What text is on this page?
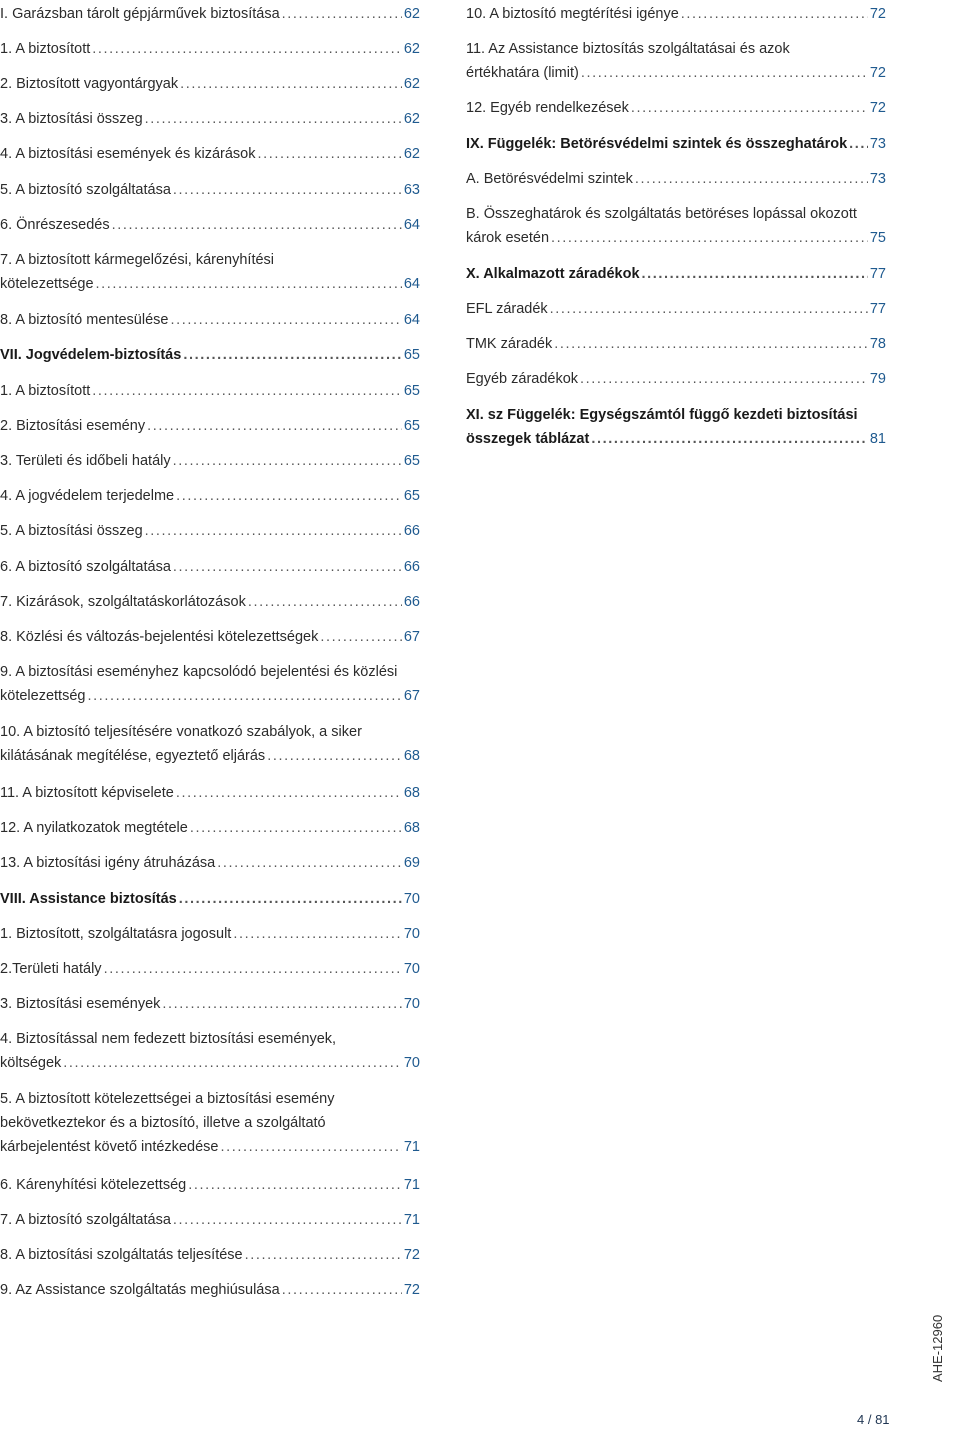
I. Garázsban tárolt gépjárművek biztosítása .....	62
1. A biztosított .....	62
2. Biztosított vagyontárgyak .....	62
3. A biztosítási összeg .....	62
4. A biztosítási események és kizárások .....	62
5. A biztosító szolgáltatása .....	63
6. Önrészesedés .....	64
7. A biztosított kármegelőzési, kárenyhítési
kötelezettsége .....	64
8. A biztosító mentesülése .....	64
VII. Jogvédelem-biztosítás .....	65
1. A biztosított .....	65
2. Biztosítási esemény .....	65
3. Területi és időbeli hatály .....	65
4. A jogvédelem terjedelme .....	65
5. A biztosítási összeg .....	66
6. A biztosító szolgáltatása .....	66
7. Kizárások, szolgáltatáskorlátozások .....	66
8. Közlési és változás-bejelentési kötelezettségek .....	67
9. A biztosítási eseményhez kapcsolódó bejelentési és közlési
kötelezettség .....	67
10. A biztosító teljesítésére vonatkozó szabályok, a siker
kilátásának megítélése, egyeztető eljárás .....	68
11. A biztosított képviselete .....	68
12. A nyilatkozatok megtétele .....	68
13. A biztosítási igény átruházása .....	69
VIII. Assistance biztosítás .....	70
1. Biztosított, szolgáltatásra jogosult .....	70
2.Területi hatály .....	70
3. Biztosítási események .....	70
4. Biztosítással nem fedezett biztosítási események,
költségek .....	70
5. A biztosított kötelezettségei a biztosítási esemény
bekövetkeztekor és a biztosító, illetve a szolgáltató
kárbejelentést követő intézkedése .....	71
6. Kárenyhítési kötelezettség .....	71
7. A biztosító szolgáltatása .....	71
8. A biztosítási szolgáltatás teljesítése .....	72
9. Az Assistance szolgáltatás meghiúsulása .....	72
10. A biztosító megtérítési igénye .....	72
11. Az Assistance biztosítás szolgáltatásai és azok
értékhatára (limit) .....	72
12. Egyéb rendelkezések .....	72
IX. Függelék: Betörésvédelmi szintek és összeghatárok ..... 73
A. Betörésvédelmi szintek .....	73
B. Összeghatárok és szolgáltatás betöréses lopással okozott
károk esetén .....	75
X. Alkalmazott záradékok .....	77
EFL záradék .....	77
TMK záradék .....	78
Egyéb záradékok .....	79
XI. sz Függelék: Egységszámtól függő kezdeti biztosítási
összegek táblázat .....	81
AHE-12960
4 / 81
